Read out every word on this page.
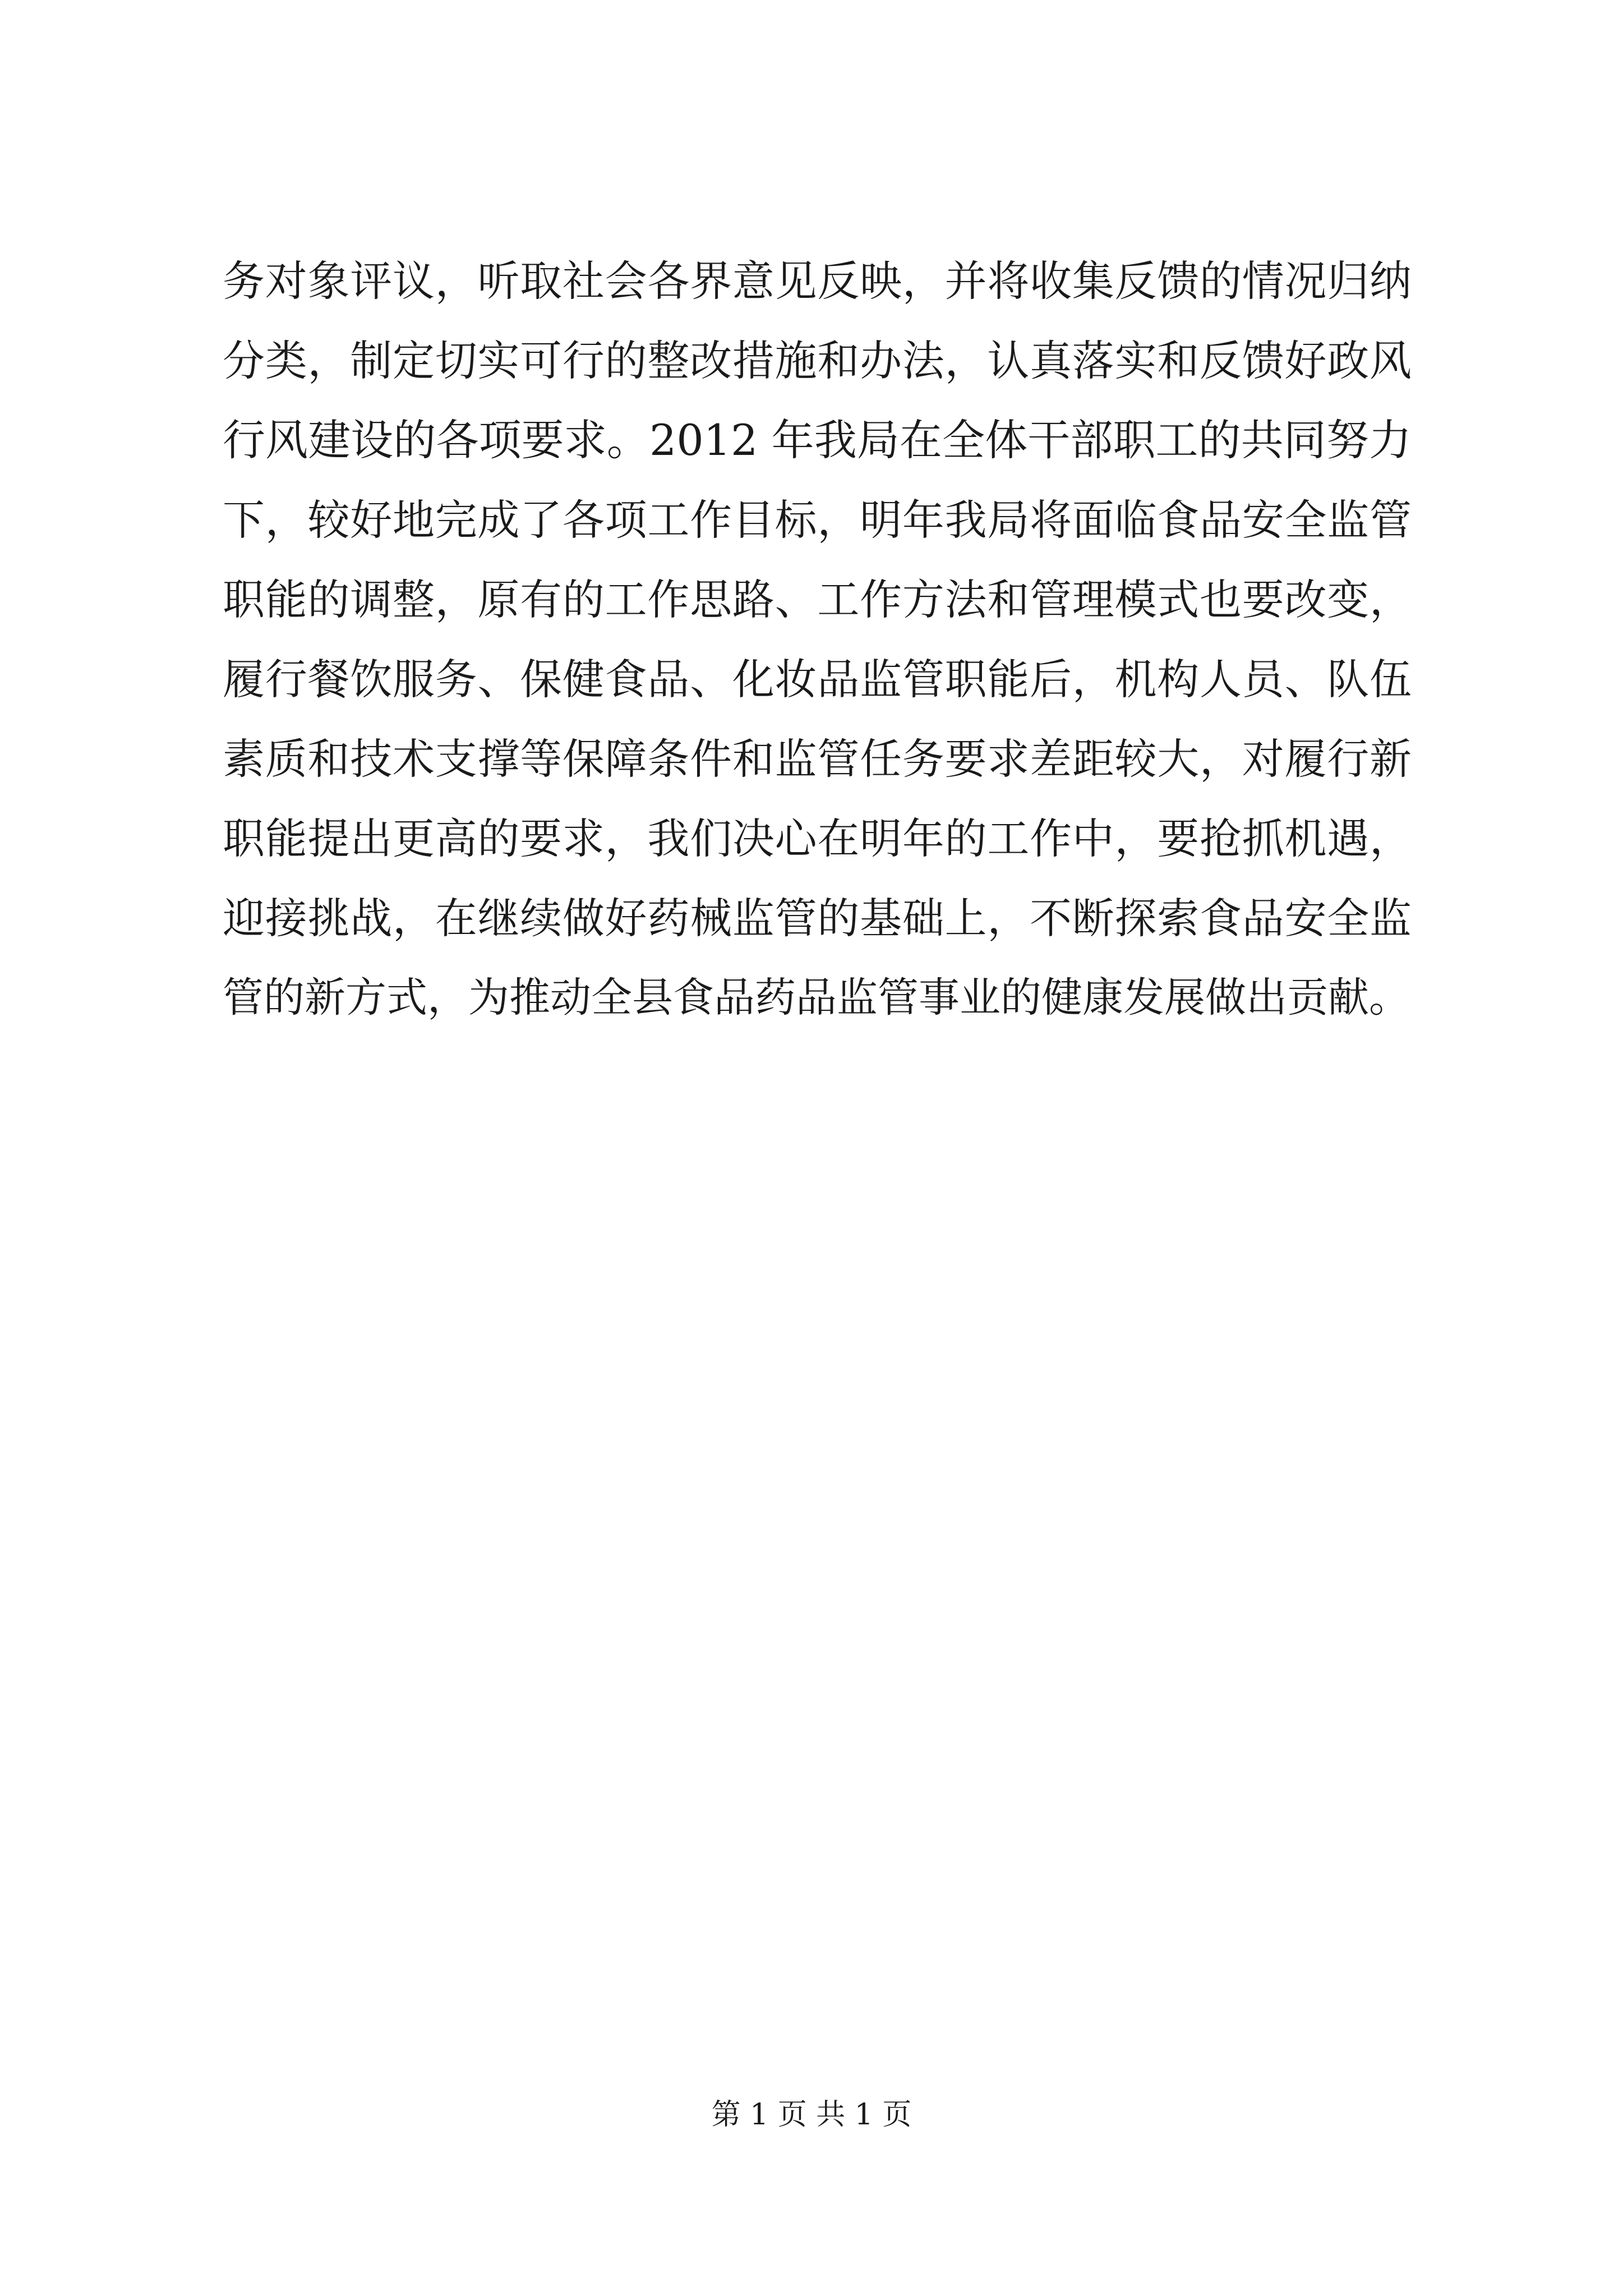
务对象评议，听取社会各界意见反映，并将收集反馈的情况归纳
分类，制定切实可行的整改措施和办法，认真落实和反馈好政风
行风建设的各项要求。2012 年我局在全体干部职工的共同努力
下，较好地完成了各项工作目标，明年我局将面临食品安全监管
职能的调整，原有的工作思路、工作方法和管理模式也要改变，
履行餐饮服务、保健食品、化妆品监管职能后，机构人员、队伍
素质和技术支撑等保障条件和监管任务要求差距较大，对履行新
职能提出更高的要求，我们决心在明年的工作中，要抢抓机遇，
迎接挑战，在继续做好药械监管的基础上，不断探索食品安全监
管的新方式，为推动全县食品药品监管事业的健康发展做出贡献。
第 1 页 共 1 页
